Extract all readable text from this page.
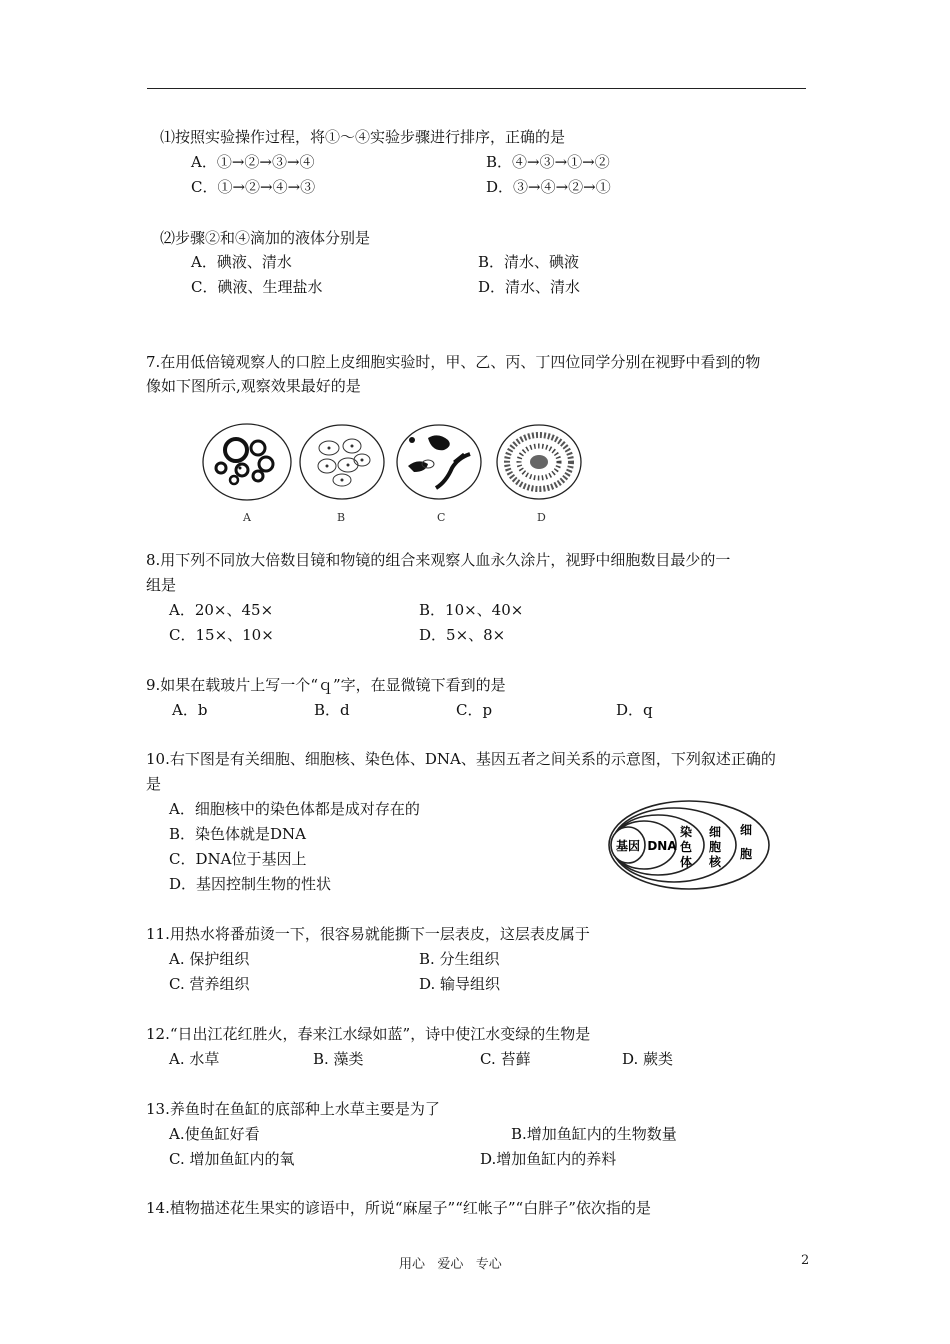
⑴按照实验操作过程，将①～④实验步骤进行排序，正确的是
A．①→②→③→④	B．④→③→①→②
C．①→②→④→③	D．③→④→②→①
⑵步骤②和④滴加的液体分别是
A．碘液、清水	B．清水、碘液
C．碘液、生理盐水	D．清水、清水
7.在用低倍镜观察人的口腔上皮细胞实验时，甲、乙、丙、丁四位同学分别在视野中看到的物
像如下图所示,观察效果最好的是
A	B	C	D
8.用下列不同放大倍数目镜和物镜的组合来观察人血永久涂片，视野中细胞数目最少的一
组是
A．20×、45×	B．10×、40×
C．15×、10×	D．5×、8×
9.如果在载玻片上写一个“ｑ”字，在显微镜下看到的是
A．b	B．d	C．p	D．q
10.右下图是有关细胞、细胞核、染色体、DNA、基因五者之间关系的示意图，下列叙述正确的
是
A．细胞核中的染色体都是成对存在的
B．染色体就是DNA
C．DNA位于基因上
D．基因控制生物的性状
基因 DNA
染
色
体
细
胞
核
细
胞
11.用热水将番茄烫一下，很容易就能撕下一层表皮，这层表皮属于
A. 保护组织	B. 分生组织
C. 营养组织	D. 输导组织
12.“日出江花红胜火，春来江水绿如蓝”，诗中使江水变绿的生物是
A. 水草	B. 藻类	C. 苔藓	D. 蕨类
13.养鱼时在鱼缸的底部种上水草主要是为了
A.使鱼缸好看	B.增加鱼缸内的生物数量
C. 增加鱼缸内的氧	D.增加鱼缸内的养料
14.植物描述花生果实的谚语中，所说“麻屋子”“红帐子”“白胖子”依次指的是
用心   爱心   专心	2
